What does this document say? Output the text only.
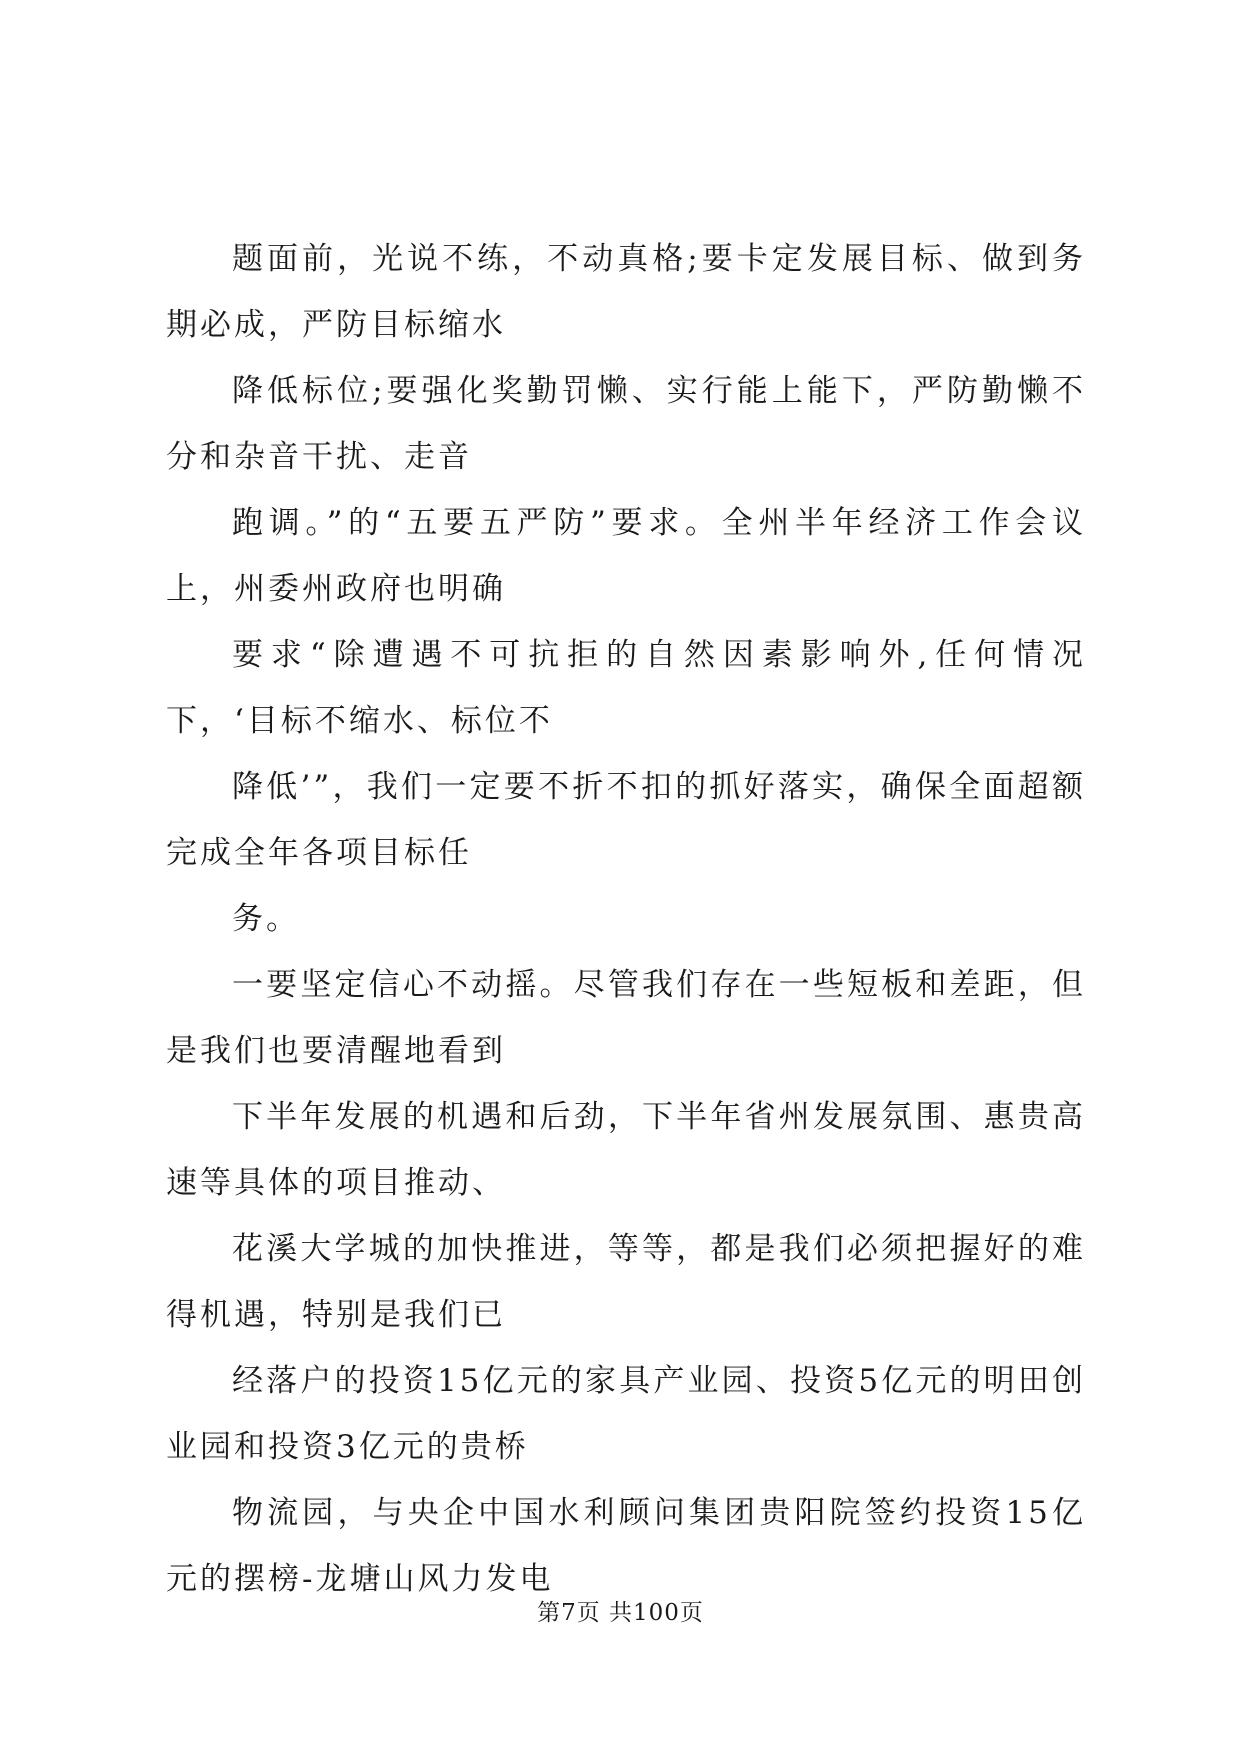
题面前，光说不练，不动真格;要卡定发展目标、做到务期必成，严防目标缩水

降低标位;要强化奖勤罚懒、实行能上能下，严防勤懒不分和杂音干扰、走音

跑调。”的“五要五严防”要求。全州半年经济工作会议上，州委州政府也明确

要求“除遭遇不可抗拒的自然因素影响外,任何情况下，‘目标不缩水、标位不

降低’”，我们一定要不折不扣的抓好落实，确保全面超额完成全年各项目标任

务。

一要坚定信心不动摇。尽管我们存在一些短板和差距，但是我们也要清醒地看到

下半年发展的机遇和后劲，下半年省州发展氛围、惠贵高速等具体的项目推动、

花溪大学城的加快推进，等等，都是我们必须把握好的难得机遇，特别是我们已

经落户的投资15亿元的家具产业园、投资5亿元的明田创业园和投资3亿元的贵桥

物流园，与央企中国水利顾问集团贵阳院签约投资15亿元的摆榜-龙塘山风力发电

第7页 共100页
